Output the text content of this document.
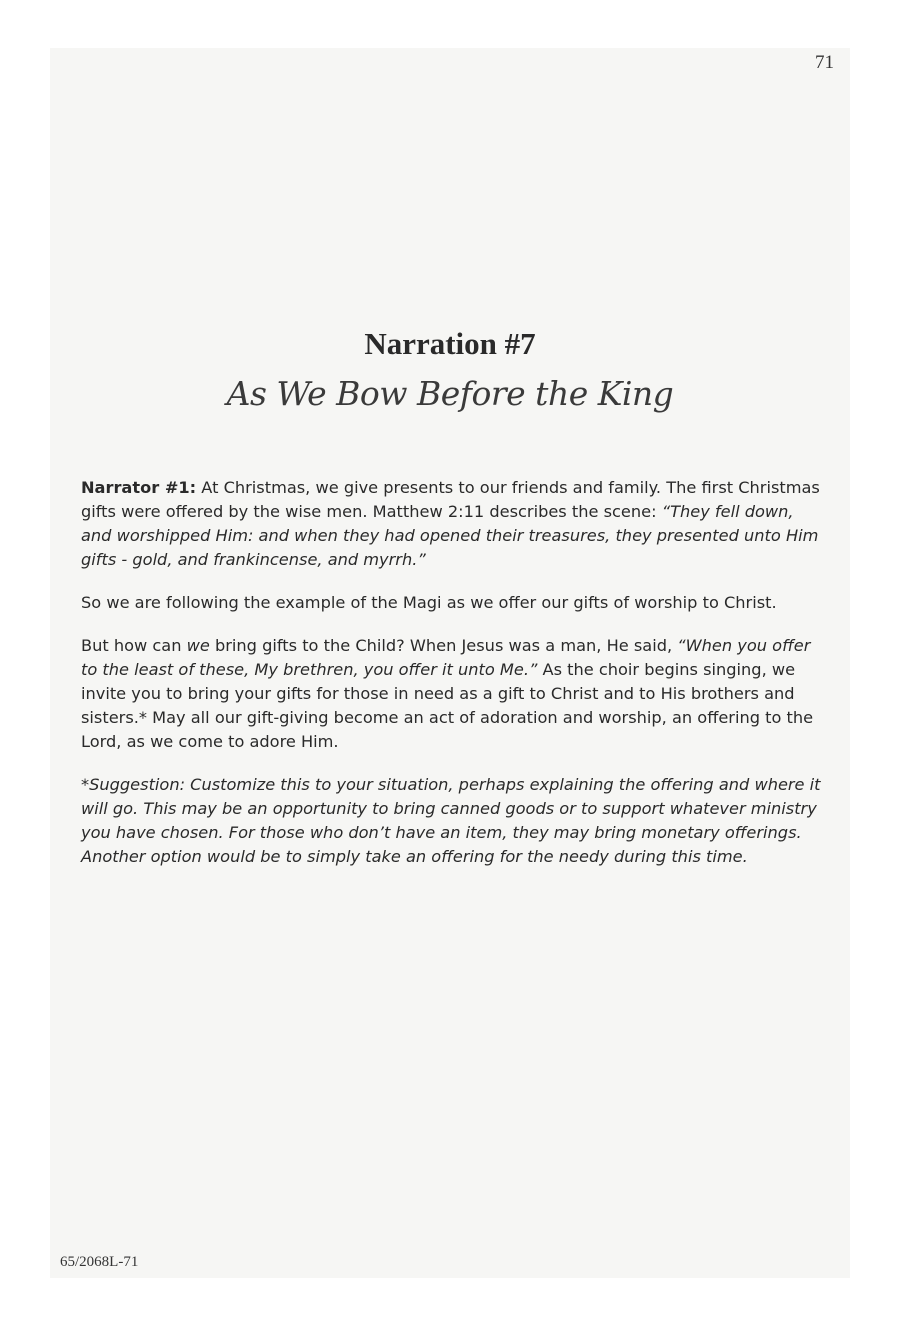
71
Narration #7
As We Bow Before the King

Narrator #1: At Christmas, we give presents to our friends and family. The first Christmas gifts were offered by the wise men. Matthew 2:11 describes the scene: “They fell down, and worshipped Him: and when they had opened their treasures, they presented unto Him gifts - gold, and frankincense, and myrrh.”

So we are following the example of the Magi as we offer our gifts of worship to Christ.

But how can we bring gifts to the Child? When Jesus was a man, He said, “When you offer to the least of these, My brethren, you offer it unto Me.” As the choir begins singing, we invite you to bring your gifts for those in need as a gift to Christ and to His brothers and sisters.* May all our gift-giving become an act of adoration and worship, an offering to the Lord, as we come to adore Him.

*Suggestion: Customize this to your situation, perhaps explaining the offering and where it will go. This may be an opportunity to bring canned goods or to support whatever ministry you have chosen. For those who don’t have an item, they may bring monetary offerings. Another option would be to simply take an offering for the needy during this time.

65/2068L-71
